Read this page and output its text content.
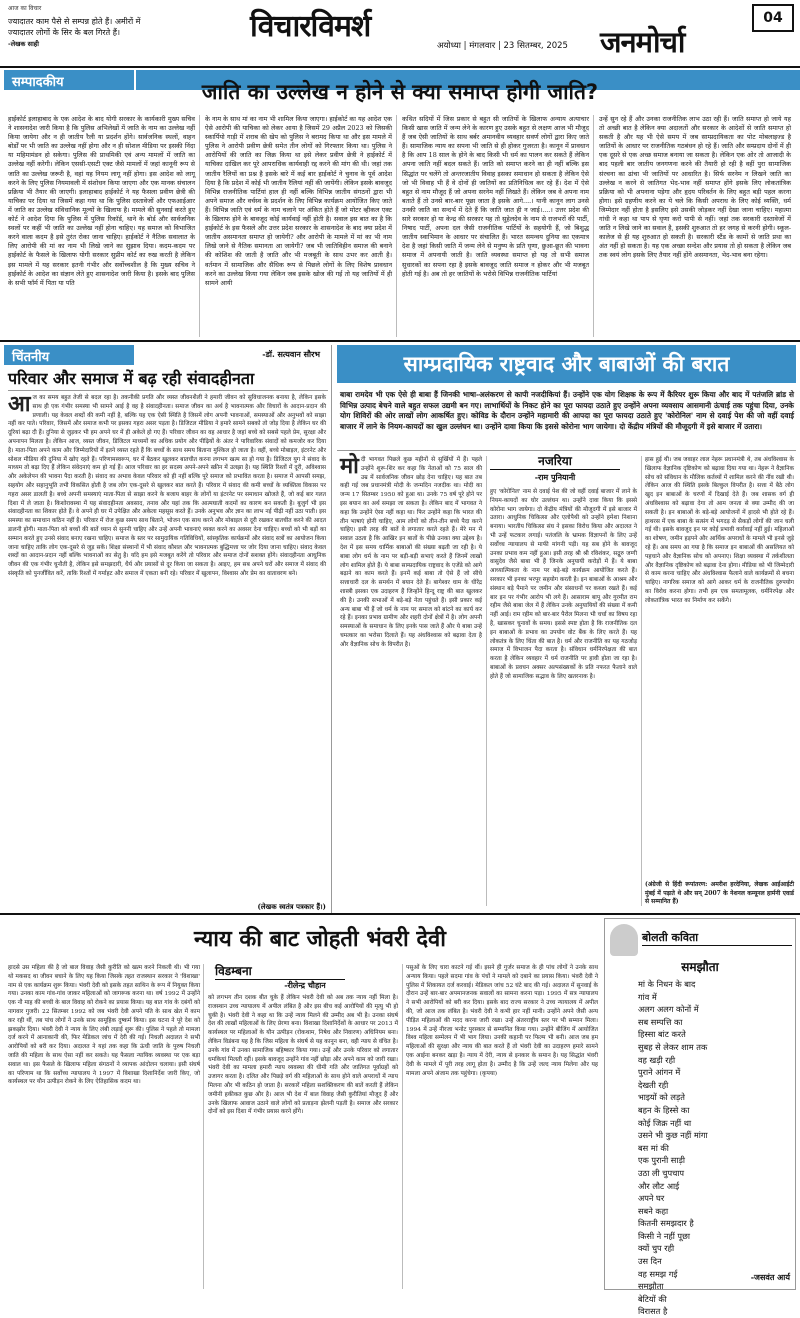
आज का विचार
ज्यादातर काम पैसे से सम्पन्न होते हैं। अमीरों में ज्यादातर लोगों के सिर के बल गिरते हैं।
-लेखक साही	विचारविमर्श
अयोध्या | मंगलवार | 23 सितम्बर, 2025 जनमोर्चा
04
सम्पादकीय	जाति का उल्लेख न होने से क्या समाप्त होगी जाति?
हाईकोर्ट इलाहाबाद के एक आदेश के बाद योगी सरकार के कार्यकारी मुख्य सचिव ने शासनादेश जारी किया है कि पुलिस अभिलेखों में जाति के नाम का उल्लेख नहीं किया जायेगा और न ही जातीय रैली या प्रदर्शन होंगे। सार्वजनिक स्थलों, वाहन बोर्डों पर भी जाति का उल्लेख नहीं होगा और न ही सोशल मीडिया पर इसकी निंदा या महिमामंडन हो सकेगा। पुलिस की प्राथमिकी एवं अन्य मामलों में जाति का उल्लेख नहीं करेगी। लेकिन एससी-एसटी एक्ट जैसे मामलों में जहां कानूनी रूप से जाति का उल्लेख जरूरी है, वहां यह नियम लागू नहीं होगा। इस आदेश को लागू करने के लिए पुलिस नियमावली में संशोधन किया जाएगा और एक मानक संचालन प्रक्रिया भी तैयार की जाएगी। इलाहाबाद हाईकोर्ट ने यह फैसला प्रवीण छेत्री की याचिका पर दिया था जिसमें कहा गया था कि पुलिस दस्तावेजों और एफआईआर में जाति का उल्लेख संविधानिक मूल्यों के खिलाफ है। मामले की सुनवाई करते हुए कोर्ट ने आदेश दिया कि पुलिस में पुलिस रिकॉर्ड, थाने के बोर्ड और सार्वजनिक स्थलों पर कहीं भी जाति का उल्लेख नहीं होना चाहिए। यह समाज को विभाजित करने वाला कदम है इसे तुरंत रोका जाना चाहिए। हाईकोर्ट ने नैतिक सवालात के लिए आरोपी की मां का नाम भी लिखे जाने का सुझाव दिया। कदम-कदम पर हाईकोर्ट के फैसले के खिलाफ योगी सरकार सुप्रीम कोर्ट का रुख करती है लेकिन इस मामले में यह सरकार इतनी गंभीर और सर्वोच्चशील है कि मुख्य सचिव ने हाईकोर्ट के आदेश का संज्ञान लेते हुए शासनादेश जारी किया है। इसके बाद पुलिस के सभी फॉर्म में पिता या पति
के नाम के साथ मां का नाम भी शामिल किया जाएगा। हाईकोर्ट का यह आदेश एक ऐसे आरोपी की याचिका को लेकर आया है जिसमें 29 अप्रैल 2023 को जिसकी स्कार्पियो गाड़ी में शराब की खेप को पुलिस ने बरामद किया था और इस मामले में पुलिस ने आरोपी प्रवीण छेत्री समेत तीन लोगों को गिरफ्तार किया था। पुलिस ने आरोपियों की जाति का जिक्र किया था इसे लेकर प्रवीण छेत्री ने हाईकोर्ट में याचिका दाखिल कर पूरे आपराधिक कार्यवाही रद्द करने की मांग की थी। जहां तक जातीय रैलियों का प्रश्न है इसके बारे में कई बार हाईकोर्ट ने चुनाव के पूर्व आदेश दिया है कि प्रदेश में कोई भी जातीय रैलियां नहीं की जायेंगी। लेकिन इसके बावजूद विभिन्न राजनीतिक पार्टियां हाल ही नहीं बल्कि विभिन्न जातीय संगठनों द्वारा भी अपने समाज और वर्चस्व के प्रदर्शन के लिए विभिन्न कार्यक्रम आयोजित किए जाते हैं। विभिन्न जाति एवं धर्म के नाम चलाने पर अंकित होते हैं जो मोटर व्हीकल एक्ट के खिलाफ होने के बावजूद कोई कार्यवाई नहीं होती है। सवाल इस बात का है कि हाईकोर्ट के इस फैसले और उत्तर प्रदेश सरकार के शासनादेश के बाद क्या प्रदेश में जातीय असमानता समाप्त हो जायेगी? और आरोपी के मामले में मां का भी नाम लिखे जाने से नैतिक समानता आ जायेगी? जब भी जातिविहीन समाज की बनाने की कोशिश की जाती है जाति और भी मजबूती के साथ उभर कर आती है। वर्तमान में सामाजिक और सैधिक रूप से पिछले लोगों के लिए विशेष प्रावधान करने का उल्लेख किया गया लेकिन जब इसके खोज की गई तो यह जातियों में ही सामने आयी
कथित सदियों में जिस प्रकार से बहुत सी जातियों के खिलाफ अन्याय अत्याचार किसी खास जाति में जन्म लेने के कारण हुए उसके बहुत से लक्षण आज भी मौजूद हैं जब ऐसी जातियों के साथ बर्बर अमानवीय व्यवहार सवर्ण लोगों द्वारा किए जाते हैं। सामाजिक न्याय का सपना भी जाति से ही होकर गुजरता है। कानून में प्रावधान है कि आप 18 साल के होने के बाद किसी भी धर्म का पालन कर सकते हैं लेकिन अपना जाति नहीं बदल सकते हैं। जाति को समाप्त करने का ही नहीं बल्कि इस सिद्धांत पर चलेंगे तो अन्तरजातीय विवाह इसका समाधान हो सकता है लेकिन ऐसे जो भी विवाह भी हैं वे दोनों ही जातियों का प्रतिनिधित्व कर रहे हैं। देश में ऐसे बहुत से नाम मौजूद हैं जो अपना सरनेम नहीं लिखते हैं। लेकिन जब वे अपना नाम बताते हैं तो उनसे बार-बार पूछा जाता है इसके आगे....। यानी कानून लाग उनसे उनकी जाति का सन्दर्भ में देते हैं कि जाति जात ही न जाई।....। उत्तर प्रदेश की सारे सरकार हो या केन्द्र की सरकार यह तो सुहेलदेव के नाम से राजभरों की पार्टी, निषाद पार्टी, अपना दल जैसी राजनीतिक पार्टियों के सहयोगी हैं, जो बिशुद्ध जातीय स्वाभिमान के आधार पर संचालित हैं। भारत समन्वय दुनिया का एकमात्र देश है जहां किसी जाति में जन्म लेने से मनुष्य के प्रति घृणा, छुआ-छूत की भावना समाज में अपनायी जाती है। जाति व्यवस्था समाप्त हो यह तो सभी समाज सुधारकों का सपना रहा है इसके बावजूद जाति समाज न होकर और भी मजबूत होती गई है। अब तो हर जातियों के भरोसे विभिन्न राजनीतिक पार्टियां
उन्हें सुन रहे हैं और उनका राजनीतिक लाभ उठा रही हैं। जाति समाप्त हो जाये यह तो अच्छी बात है लेकिन क्या अदालतों और सरकार के आदेशों से जाति समाप्त हो सकती है और यह भी ऐसे समय में जब साम्प्रदायिकता का पोट मोबलाइज्ड है जातियों के आधार पर राजनीतिक गठबंधन हो रहे हैं। जाति और सम्प्रदाय दोनों में ही एक दूसरे से एक अच्छ समाज बनाया जा सकता है। लेकिन एक ओर तो आजादी के बाद पहली बार जातीय जनगणना करने की तैयारी हो रही है वहीं पुरा सामाजिक संरचना का ढांचा भी जातियों पर आधारित है। सिर्फ सरनेम न लिखने जाति का उल्लेख न करने से जातिगत भेद-भाव नहीं समाप्त होंगे इसके लिए लोकतांत्रिक प्रक्रिया को भी अपनाना पड़ेगा और हृदय परिवर्तन के लिए बहुत बड़ी पहल करना होगा। इसे ग्रहणीय करने का ये चले कि किसी अपराध के लिए कोई व्यक्ति, धर्म जिम्मेदार नहीं होता है इसलिए इसे उसकी जोड़कर नहीं देखा जाना चाहिए। महात्मा गांधी ने कहा था पाप से घृणा करो पापी से नहीं। जहां तक सरकारी दस्तावेजों में जाति न लिखे जाने का सवाल है, इसकी शुरुआत तो हर जगह से करनी होगी। स्कूल-कालेज से ही यह शुरुआत हो सकती है। सरकारी स्टैंड के कामों से जाति प्रथा का अंत नहीं हो सकता है। यह एक अच्छा सन्देश और प्रयास तो हो सकता है लेकिन जब तक स्वयं लोग इसके लिए तैयार नहीं होंगे असमानता, भेद-भाव बना रहेगा।
चिंतनीय	-डॉ. सत्यवान सौरभ
परिवार और समाज में बढ़ रही संवादहीनता
आज का समय बहुत तेजी से बदल रहा है। तकनीकी प्रगति और व्यस्त जीवनशैली ने हमारी जीवन को सुविधाजनक बनाया है, लेकिन इसके साथ ही एक गंभीर समस्या भी सामने आई है वह है संवादहीनता। समाज जीवन का अर्थ है भावनात्मक और विचारों के आदान-प्रदान की प्रणाली। यह केवल शब्दों की कमी नहीं है, बल्कि यह एक ऐसी स्थिति है जिसमें लोग अपनी भावनाओं, समस्याओं और अनुभवों को साझा नहीं कर पाते। परिवार, जिसमें और समाज कभी पर इसका गहरा असर पड़ता है। डिजिटल मीडिया ने हमारे सामने सबको तो जोड़ दिया है लेकिन घर की दूरियां बढ़ा दी हैं। दुनिया से जुड़कर भी हम अपने घर में ही अकेले हो गए हैं। परिवार जीवन का वह आधार है जहां बच्चे को सबसे पहले प्रेम, सुरक्षा और अपनापन मिलता है। लेकिन आज, व्यस्त जीवन, डिजिटल माध्यमों का अधिक प्रयोग और पीढ़ियों के अंतर ने पारिवारिक संवादों को कमजोर कर दिया है। माता-पिता अपने काम और जिम्मेदारियों में इतने व्यस्त रहते हैं कि बच्चों के साथ समय बिताना मुश्किल हो जाता है। वहीं, बच्चे मोबाइल, इंटरनेट और सोशल मीडिया की दुनिया में खोए रहते हैं। परिणामस्वरूप, घर में बैठकर खुलकर बातचीत करना लगभग खत्म सा हो गया है। डिजिटल युग ने संवाद के माध्यम तो बढ़ा दिए हैं लेकिन संवेदनाएं कम हो गई हैं। आज परिवार का हर सदस्य अपने-अपने स्क्रीन में उलझा है। यह स्थिति रिश्तों में दूरी, अविश्वास और अकेलेपन की भावना पैदा करती है। संवाद का अभाव केवल परिवार को ही नहीं बल्कि पूरे समाज को प्रभावित करता है। समाज में आपसी समझ, सहयोग और सहानुभूति तभी विकसित होती है जब लोग एक-दूसरे से खुलकर बात करते हैं। परिवार में संवाद की कमी बच्चों के व्यक्तित्व विकास पर गहरा असर डालती है। बच्चे अपनी समस्याएं माता-पिता से साझा करने के बजाय बाहर के लोगों या इंटरनेट पर समाधान खोजते हैं, जो कई बार गलत दिशा में ले जाता है। किशोरावस्था में यह संवादहीनता अवसाद, तनाव और यहां तक कि आत्मघाती कदमों का कारण बन सकती है। बुजुर्ग भी इस संवादहीनता का शिकार होते हैं। वे अपने ही घर में उपेक्षित और अकेला महसूस करते हैं। उनके अनुभव और ज्ञान का लाभ नई पीढ़ी नहीं उठा पाती। इस समस्या का समाधान कठिन नहीं है। परिवार में रोज कुछ समय साथ बिताने, भोजन एक साथ करने और मोबाइल से दूरी रखकर बातचीत करने की आदत डालनी होगी। माता-पिता को बच्चों की बातें ध्यान से सुननी चाहिए और उन्हें अपनी भावनाएं व्यक्त करने का अवसर देना चाहिए। बच्चों को भी बड़ों का सम्मान करते हुए उनसे संवाद बनाए रखना चाहिए। समाज के स्तर पर सामुदायिक गतिविधियों, सांस्कृतिक कार्यक्रमों और संवाद सत्रों का आयोजन किया जाना चाहिए ताकि लोग एक-दूसरे से जुड़ सकें। शिक्षा संस्थानों में भी संवाद कौशल और भावनात्मक बुद्धिमत्ता पर जोर दिया जाना चाहिए। संवाद केवल शब्दों का आदान-प्रदान नहीं बल्कि भावनाओं का सेतु है। यदि हम इसे मजबूत करेंगे तो परिवार और समाज दोनों सशक्त होंगे। संवादहीनता आधुनिक जीवन की एक गंभीर चुनौती है, लेकिन इसे समझदारी, धैर्य और प्रयासों से दूर किया जा सकता है। आइए, हम सब अपने घरों और समाज में संवाद की संस्कृति को पुनर्जीवित करें, ताकि रिश्तों में गर्माहट और समाज में एकता बनी रहे। परिवार में खुलापन, विश्वास और प्रेम का वातावरण बने।
(लेखक स्वतंत्र पत्रकार हैं।)
साम्प्रदायिक राष्ट्रवाद और बाबाओं की बरात
बाबा रामदेव भी एक ऐसे ही बाबा हैं जिनकी भाषा-अलंकरण से कापी नजदीकियां हैं। उन्होंने एक योग शिक्षक के रूप में कैरियर शुरू किया और बाद में पतंजलि ब्रांड से विभिन्न उत्पाद बेचने वाले बहुत सफल उद्यमी बन गए। लाभार्थियों के निकट होने का पूरा फायदा उठाते हुए उन्होंने अपना व्यवसाय आसमानी ऊंचाई तक पहुंचा दिया, उनके योग शिविरों की ओर लाखों लोग आकर्षित हुए। कोविड के दौरान उन्होंने महामारी की आपदा का पूरा फायदा उठाते हुए 'कोरोनिल' नाम से दवाई पेश की जो वहीं दवाई बाजार में लाने के नियम-कायदों का खुल उल्लंघन था। उन्होंने दावा किया कि इससे कोरोना भाग जायेगा। दो केंद्रीय मंत्रियों की मौजूदगी में इसे बाजार में उतारा।
नजरिया
-राम पुनियानी
मोदी भागवत पिछले कुछ महीनों से सुर्खियों में हैं। पहले उन्होंने शुरू-शिर कर कहा कि नेताओं को 75 साल की उम्र में सार्वजनिक जीवन छोड़ देना चाहिए। यह बात तब कही गई जब प्रधानमंत्री मोदी के जन्मदिन नजदीक था। मोदी का जन्म 17 सितम्बर 1950 को हुआ था। उनके 75 वर्ष पूरे होने पर इस बयान का अर्थ समझा जा सकता है। लेकिन बाद में भागवत ने कहा कि उन्होंने ऐसा नहीं कहा था। फिर उन्होंने कहा कि भारत की तीन भाषाएं होनी चाहिए, आम लोगों को तीन-तीन बच्चे पैदा करने चाहिए। इसी तरह की बातें वे लगातार करते रहते हैं। मेरे मन में सवाल उठता है कि आखिर इन बातों के पीछे उनका क्या उद्देश्य है। देश में इस समय धार्मिक बाबाओं की संख्या बढ़ती जा रही है। ये बाबा लोग धर्म के नाम पर बड़ी-बड़ी सभाएं करते हैं जिनमें लाखों लोग शामिल होते हैं। ये बाबा साम्प्रदायिक राष्ट्रवाद के एजेंडे को आगे बढ़ाने का काम करते हैं। इनमें कई बाबा तो ऐसे हैं जो सीधे सत्ताधारी दल के समर्थन में बयान देते हैं। बागेश्वर धाम के धीरेंद्र शास्त्री इसका एक उदाहरण हैं जिन्होंने हिन्दू राष्ट्र की बात खुलकर की है। उनकी सभाओं में बड़े-बड़े नेता पहुंचते हैं। इसी प्रकार कई अन्य बाबा भी हैं जो धर्म के नाम पर समाज को बांटने का कार्य कर रहे हैं। इनका प्रभाव ग्रामीण और शहरी दोनों क्षेत्रों में है। लोग अपनी समस्याओं के समाधान के लिए इनके पास जाते हैं और ये बाबा उन्हें चमत्कार का भरोसा दिलाते हैं। यह अंधविश्वास को बढ़ावा देता है और वैज्ञानिक सोच के विपरीत है।
हुए 'कोरोनिल' नाम से दवाई पेश की जो वहीं दवाई बाजार में लाने के नियम-कायदों का घोर उल्लंघन था। उन्होंने दावा किया कि इससे कोरोना भाग जायेगा। दो केंद्रीय मंत्रियों की मौजूदगी में इसे बाजार में उतारा। आधुनिक चिकित्सा और एलोपैथी को उन्होंने हमेशा निशाना बनाया। भारतीय चिकित्सा संघ ने इसका विरोध किया और अदालत ने भी उन्हें फटकार लगाई। पतंजलि के भ्रामक विज्ञापनों के लिए उन्हें सर्वोच्च न्यायालय से माफी मांगनी पड़ी। यह सब होने के बावजूद उनका प्रभाव कम नहीं हुआ। इसी तरह श्री श्री रविशंकर, सद्गुरु जग्गी वासुदेव जैसे बाबा भी हैं जिनके अनुयायी करोड़ों में हैं। ये बाबा आध्यात्मिकता के नाम पर बड़े-बड़े कार्यक्रम आयोजित करते हैं। सरकार भी इनका भरपूर सहयोग करती है। इन बाबाओं के आश्रम और संस्थान बड़े पैमाने पर जमीन और संसाधनों पर कब्जा रखते हैं। कई बार इन पर गंभीर आरोप भी लगे हैं। आसाराम बापू और गुरमीत राम रहीम जैसे बाबा जेल में हैं लेकिन उनके अनुयायियों की संख्या में कमी नहीं आई। राम रहीम को बार-बार पैरोल मिलना भी चर्चा का विषय रहा है, खासकर चुनावों के समय। इससे स्पष्ट होता है कि राजनीतिक दल इन बाबाओं के प्रभाव का उपयोग वोट बैंक के लिए करते हैं। यह लोकतंत्र के लिए चिंता की बात है। धर्म और राजनीति का यह गठजोड़ समाज में विभाजन पैदा करता है। संविधान धर्मनिरपेक्षता की बात करता है लेकिन व्यवहार में धर्म राजनीति पर हावी होता जा रहा है। बाबाओं के प्रवचन अक्सर अल्पसंख्यकों के प्रति नफरत फैलाने वाले होते हैं जो सामाजिक सद्भाव के लिए खतरनाक है।
हास हुई थी। जब जवाहर लाल नेहरू प्रधानमंत्री थे, तब अंधविश्वास के खिलाफ वैज्ञानिक दृष्टिकोण को बढ़ावा दिया गया था। नेहरू ने वैज्ञानिक सोच को संविधान के मौलिक कर्तव्यों में शामिल करने की नींव रखी थी। लेकिन आज की स्थिति इसके बिल्कुल विपरीत है। सत्ता में बैठे लोग खुद इन बाबाओं के चरणों में दिखाई देते हैं। जब शासक वर्ग ही अंधविश्वास को बढ़ावा देगा तो आम जनता से क्या उम्मीद की जा सकती है। इन बाबाओं के बड़े-बड़े आयोजनों में हादसे भी होते रहे हैं। हाथरस में एक बाबा के सत्संग में भगदड़ से सैकड़ों लोगों की जान चली गई थी। इसके बावजूद इन पर कोई प्रभावी कार्रवाई नहीं हुई। महिलाओं का शोषण, जमीन हड़पने और आर्थिक अपराधों के मामले भी इनसे जुड़े रहे हैं। अब समय आ गया है कि समाज इन बाबाओं की असलियत को पहचाने और वैज्ञानिक सोच को अपनाए। शिक्षा व्यवस्था में तर्कशीलता और वैज्ञानिक दृष्टिकोण को बढ़ावा देना होगा। मीडिया को भी जिम्मेदारी से काम करना चाहिए और अंधविश्वास फैलाने वाले कार्यक्रमों से बचना चाहिए। नागरिक समाज को आगे आकर धर्म के राजनीतिक दुरुपयोग का विरोध करना होगा। तभी हम एक समतामूलक, धर्मनिरपेक्ष और लोकतांत्रिक भारत का निर्माण कर सकेंगे।
(अंग्रेजी से हिंदी रूपांतरण: अमरीश हरदेनिया, लेखक आईआईटी मुंबई में पढ़ाते थे और सन् 2007 के नेशनल कम्यूनल हार्मनी एवार्ड से सम्मानित हैं)
न्याय की बाट जोहती भंवरी देवी
हादसे उस महिला की है जो बाल विवाह जैसी कुरीति को खत्म करने निकली थी। भी गया थो मकसद था जीवन बचाने के लिए यह किया जिसके तहत राजस्थान सरकार ने 'विशाखा' नाम से एक कार्यक्रम शुरू किया। भंवरी देवी को इसके तहत साथिन के रूप में नियुक्त किया गया। उनका काम गांव-गांव जाकर महिलाओं को जागरूक करना था। वर्ष 1992 में उन्होंने एक नौ माह की बच्ची के बाल विवाह को रोकने का प्रयास किया। यह बात गांव के दबंगों को नागवार गुजरी। 22 सितम्बर 1992 को जब भंवरी देवी अपने पति के साथ खेत में काम कर रही थीं, तब पांच लोगों ने उनके साथ सामूहिक दुष्कर्म किया। इस घटना ने पूरे देश को झकझोर दिया। भंवरी देवी ने न्याय के लिए लंबी लड़ाई शुरू की। पुलिस ने पहले तो मामला दर्ज करने में आनाकानी की, फिर मेडिकल जांच में देरी की गई। निचली अदालत ने सभी आरोपियों को बरी कर दिया। अदालत ने यहां तक कहा कि ऊंची जाति के पुरुष निचली जाति की महिला के साथ ऐसा नहीं कर सकते। यह फैसला न्यायिक व्यवस्था पर एक बड़ा सवाल था। इस फैसले के खिलाफ महिला संगठनों ने व्यापक आंदोलन चलाया। इसी संघर्ष का परिणाम था कि सर्वोच्च न्यायालय ने 1997 में विशाखा दिशानिर्देश जारी किए, जो कार्यस्थल पर यौन उत्पीड़न रोकने के लिए ऐतिहासिक कदम था।
विडम्बना
-रीलेन्द्र चौहान
को लगभग तीन दशक बीत चुके हैं लेकिन भंवरी देवी को अब तक न्याय नहीं मिला है। राजस्थान उच्च न्यायालय में अपील लंबित है और इस बीच कई आरोपियों की मृत्यु भी हो चुकी है। भंवरी देवी ने कहा था कि उन्हें न्याय मिलने की उम्मीद अब भी है। उनका संघर्ष देश की लाखों महिलाओं के लिए प्रेरणा बना। विशाखा दिशानिर्देशों के आधार पर 2013 में कार्यस्थल पर महिलाओं के यौन उत्पीड़न (रोकथाम, निषेध और निवारण) अधिनियम बना। लेकिन विडंबना यह है कि जिस महिला के संघर्ष से यह कानून बना, वही न्याय से वंचित है। उनके गांव में उनका सामाजिक बहिष्कार किया गया। उन्हें और उनके परिवार को लगातार धमकियां मिलती रहीं। इसके बावजूद उन्होंने गांव नहीं छोड़ा और अपने काम को जारी रखा। भंवरी देवी का मामला हमारी न्याय व्यवस्था की धीमी गति और जातिगत पूर्वाग्रहों को उजागर करता है। दलित और पिछड़े वर्ग की महिलाओं के साथ होने वाले अपराधों में न्याय मिलना और भी कठिन हो जाता है। सरकारें महिला सशक्तिकरण की बातें करती हैं लेकिन जमीनी हकीकत कुछ और है। आज भी देश में बाल विवाह जैसी कुरीतियां मौजूद हैं और उनके खिलाफ आवाज उठाने वाले लोगों को प्रताड़ना झेलनी पड़ती है। समाज और सरकार दोनों को इस दिशा में गंभीर प्रयास करने होंगे।
पसुओं के लिए चारा काटने गई थीं। इसने ही गुर्जर समाज के ही पांच लोगों ने उनके साथ अन्याय किया। पहले सदमा गांव के पंचों ने मामले को दबाने का प्रयास किया। भंवरी देवी ने पुलिस में शिकायत दर्ज करवाई। मेडिकल जांच 52 घंटे बाद की गई। अदालत में सुनवाई के दौरान उन्हें बार-बार अपमानजनक सवालों का सामना करना पड़ा। 1995 में सत्र न्यायालय ने सभी आरोपियों को बरी कर दिया। इसके बाद राज्य सरकार ने उच्च न्यायालय में अपील की, जो आज तक लंबित है। भंवरी देवी ने कभी हार नहीं मानी। उन्होंने अपने जैसी अन्य पीड़ित महिलाओं की मदद करना जारी रखा। उन्हें अंतरराष्ट्रीय स्तर पर भी सम्मान मिला। 1994 में उन्हें नीरजा भनोट पुरस्कार से सम्मानित किया गया। उन्होंने बीजिंग में आयोजित विश्व महिला सम्मेलन में भी भाग लिया। उनकी कहानी पर फिल्म भी बनी। आज जब हम महिलाओं की सुरक्षा और न्याय की बात करते हैं तो भंवरी देवी का उदाहरण हमारे सामने एक आईना बनकर खड़ा है। न्याय में देरी, न्याय से इनकार के समान है। यह सिद्धांत भंवरी देवी के मामले में पूरी तरह लागू होता है। उम्मीद है कि उन्हें जल्द न्याय मिलेगा और यह मामला अपने अंजाम तक पहुंचेगा। (कृपया)
बोलती कविता
समझौता
मां के निधन के बाद
गांव में
अलग अलग कोनों में
सब सम्पत्ति का
हिस्सा बांट करते
सुबह से लेकर शाम तक
वह खड़ी रही
पुराने आंगन में
देखती रही
भाइयों को लड़ते
बहन के हिस्से का
कोई जिक्र नहीं था
उसने भी कुछ नहीं मांगा
बस मां की
एक पुरानी साड़ी
उठा ली चुपचाप
और लौट आई
अपने घर
सबने कहा
कितनी समझदार है
किसी ने नहीं पूछा
क्यों चुप रही
उस दिन
वह समझ गई
समझौता
बेटियों की
विरासत है
-जसवंत आर्य
